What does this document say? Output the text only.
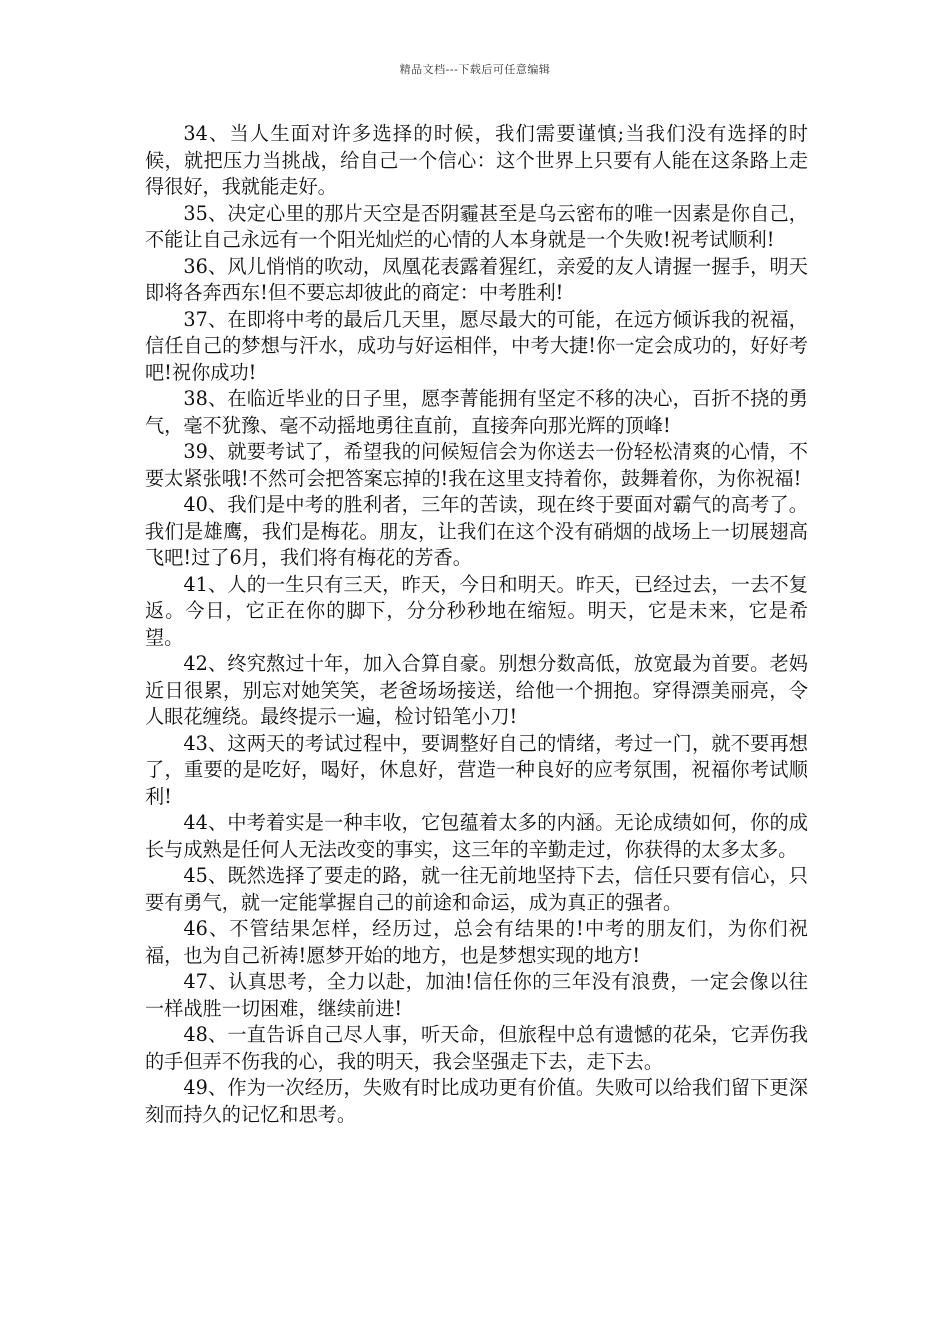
精品文档---下载后可任意编辑

34、当人生面对许多选择的时候，我们需要谨慎;当我们没有选择的时候，就把压力当挑战，给自己一个信心：这个世界上只要有人能在这条路上走得很好，我就能走好。

35、决定心里的那片天空是否阴霾甚至是乌云密布的唯一因素是你自己，不能让自己永远有一个阳光灿烂的心情的人本身就是一个失败!祝考试顺利!

36、风儿悄悄的吹动，凤凰花表露着猩红，亲爱的友人请握一握手，明天即将各奔西东!但不要忘却彼此的商定：中考胜利!

37、在即将中考的最后几天里，愿尽最大的可能，在远方倾诉我的祝福，信任自己的梦想与汗水，成功与好运相伴，中考大捷!你一定会成功的，好好考吧!祝你成功!

38、在临近毕业的日子里，愿李菁能拥有坚定不移的决心，百折不挠的勇气，毫不犹豫、毫不动摇地勇往直前，直接奔向那光辉的顶峰!

39、就要考试了，希望我的问候短信会为你送去一份轻松清爽的心情，不要太紧张哦!不然可会把答案忘掉的!我在这里支持着你，鼓舞着你，为你祝福!

40、我们是中考的胜利者，三年的苦读，现在终于要面对霸气的高考了。我们是雄鹰，我们是梅花。朋友，让我们在这个没有硝烟的战场上一切展翅高飞吧!过了6月，我们将有梅花的芳香。

41、人的一生只有三天，昨天，今日和明天。昨天，已经过去，一去不复返。今日，它正在你的脚下，分分秒秒地在缩短。明天，它是未来，它是希望。

42、终究熬过十年，加入合算自豪。别想分数高低，放宽最为首要。老妈近日很累，别忘对她笑笑，老爸场场接送，给他一个拥抱。穿得漂美丽亮，令人眼花缠绕。最终提示一遍，检讨铅笔小刀!

43、这两天的考试过程中，要调整好自己的情绪，考过一门，就不要再想了，重要的是吃好，喝好，休息好，营造一种良好的应考氛围，祝福你考试顺利!

44、中考着实是一种丰收，它包蕴着太多的内涵。无论成绩如何，你的成长与成熟是任何人无法改变的事实，这三年的辛勤走过，你获得的太多太多。

45、既然选择了要走的路，就一往无前地坚持下去，信任只要有信心，只要有勇气，就一定能掌握自己的前途和命运，成为真正的强者。

46、不管结果怎样，经历过，总会有结果的!中考的朋友们，为你们祝福，也为自己祈祷!愿梦开始的地方，也是梦想实现的地方!

47、认真思考，全力以赴，加油!信任你的三年没有浪费，一定会像以往一样战胜一切困难，继续前进!

48、一直告诉自己尽人事，听天命，但旅程中总有遗憾的花朵，它弄伤我的手但弄不伤我的心，我的明天，我会坚强走下去，走下去。

49、作为一次经历，失败有时比成功更有价值。失败可以给我们留下更深刻而持久的记忆和思考。
